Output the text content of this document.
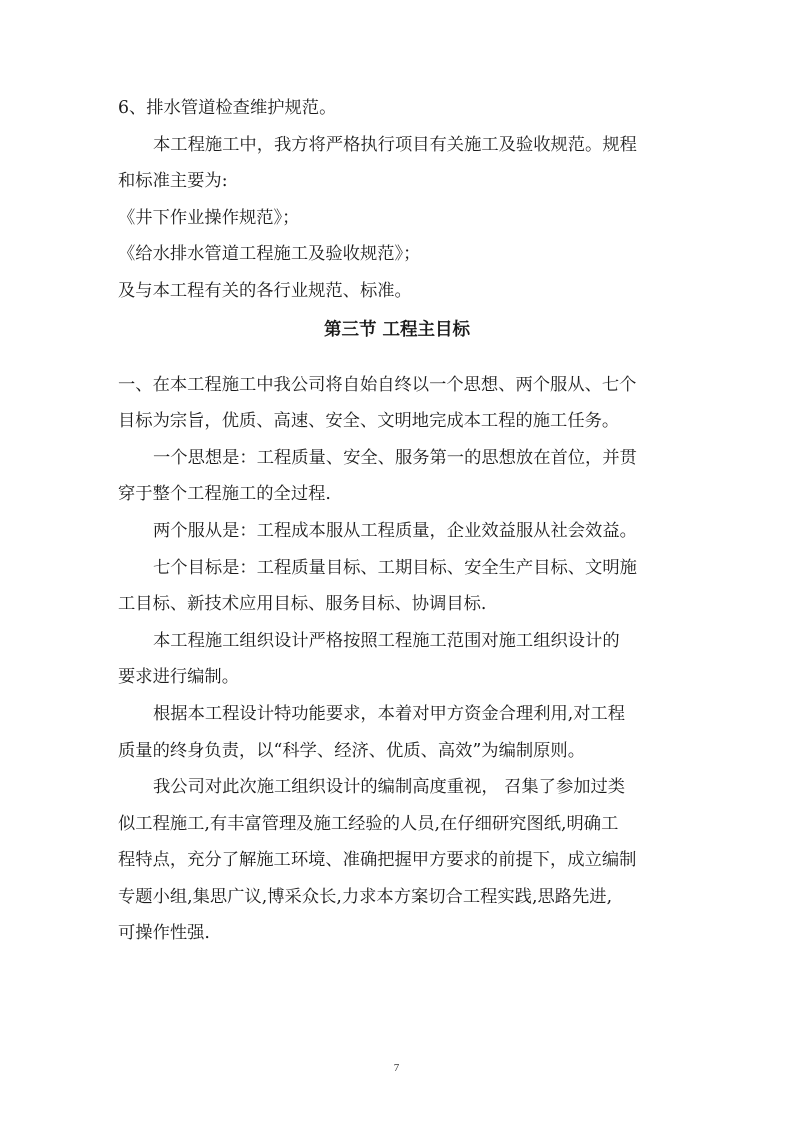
6、排水管道检查维护规范。
本工程施工中，我方将严格执行项目有关施工及验收规范。规程
和标准主要为:
《井下作业操作规范》；
《给水排水管道工程施工及验收规范》；
及与本工程有关的各行业规范、标准。
第三节 工程主目标
一、在本工程施工中我公司将自始自终以一个思想、两个服从、七个
目标为宗旨，优质、高速、安全、文明地完成本工程的施工任务。
一个思想是：工程质量、安全、服务第一的思想放在首位，并贯
穿于整个工程施工的全过程.
两个服从是：工程成本服从工程质量，企业效益服从社会效益。
七个目标是：工程质量目标、工期目标、安全生产目标、文明施
工目标、新技术应用目标、服务目标、协调目标.
本工程施工组织设计严格按照工程施工范围对施工组织设计的
要求进行编制。
根据本工程设计特功能要求，本着对甲方资金合理利用,对工程
质量的终身负责，以“科学、经济、优质、高效”为编制原则。
我公司对此次施工组织设计的编制高度重视， 召集了参加过类
似工程施工,有丰富管理及施工经验的人员,在仔细研究图纸,明确工
程特点，充分了解施工环境、准确把握甲方要求的前提下，成立编制
专题小组,集思广议,博采众长,力求本方案切合工程实践,思路先进,
可操作性强.
7
